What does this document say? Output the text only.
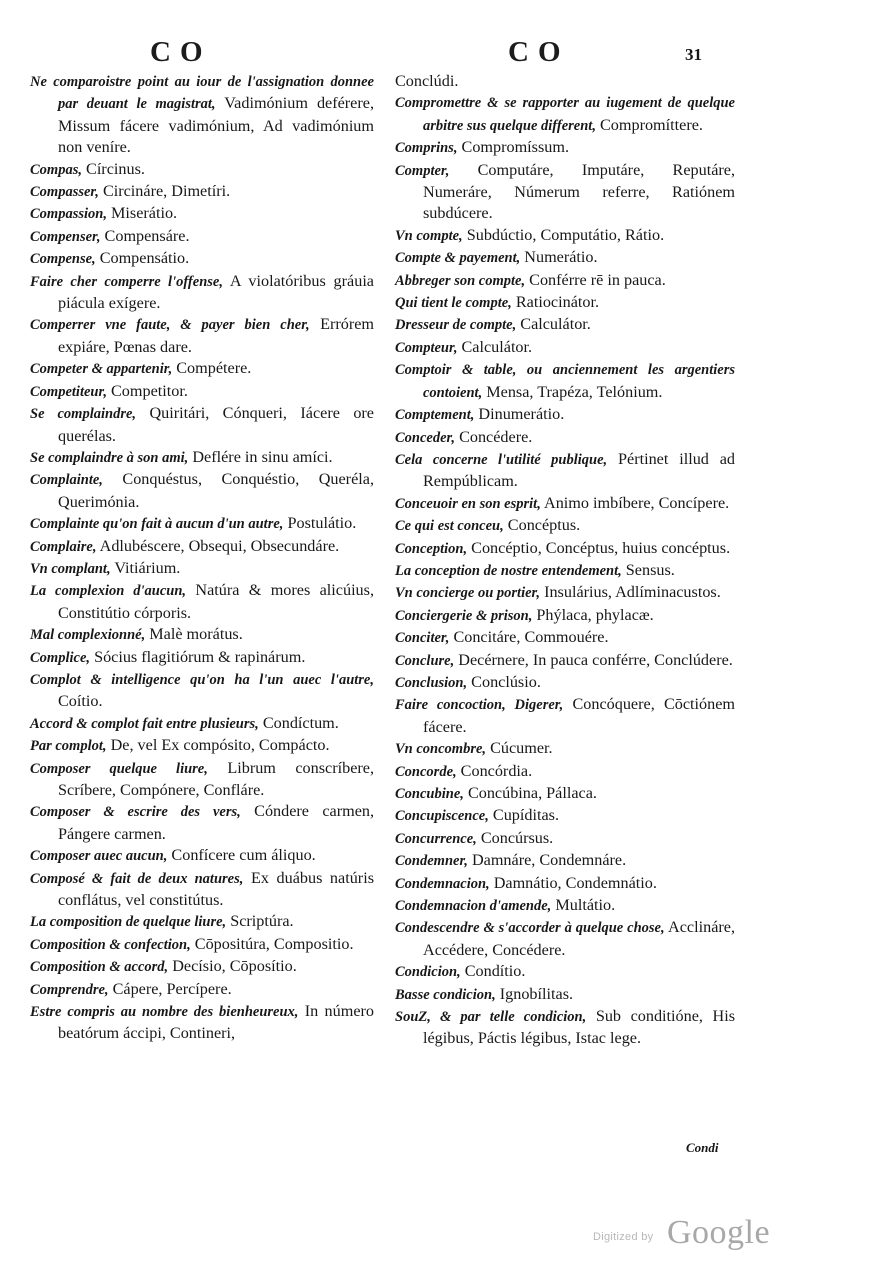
CO	CO	31

Ne comparoistre point au iour de l'assignation donnee par deuant le magistrat, Vadimónium deférere, Missum fácere vadimónium, Ad vadimónium non veníre.

Compas, Círcinus.

Compasser, Circináre, Dimetíri.

Compassion, Miserátio.

Compenser, Compensáre.

Compense, Compensátio.

Faire cher comperre l'offense, A violatóribus gráuia piácula exígere.

Comperrer vne faute, & payer bien cher, Errórem expiáre, Pœnas dare.

Competer & appartenir, Compétere.

Competiteur, Competitor.

Se complaindre, Quiritári, Cónqueri, Iácere ore querélas.

Se complaindre à son ami, Deflére in sinu amíci.

Complainte, Conquéstus, Conquéstio, Queréla, Querimónia.

Complainte qu'on fait à aucun d'un autre, Postulátio.

Complaire, Adlubéscere, Obsequi, Obsecundáre.

Vn complant, Vitiárium.

La complexion d'aucun, Natúra & mores alicúius, Constitútio córporis.

Mal complexionné, Malè morátus.

Complice, Sócius flagitiórum & rapinárum.

Complot & intelligence qu'on ha l'un auec l'autre, Coítio.

Accord & complot fait entre plusieurs, Condíctum.

Par complot, De, vel Ex compósito, Compácto.

Composer quelque liure, Librum conscríbere, Scríbere, Compónere, Confláre.

Composer & escrire des vers, Cóndere carmen, Pángere carmen.

Composer auec aucun, Confícere cum áliquo.

Composé & fait de deux natures, Ex duábus natúris conflátus, vel constitútus.

La composition de quelque liure, Scriptúra.

Composition & confection, Cōpositúra, Compositio.

Composition & accord, Decísio, Cōposítio.

Comprendre, Cápere, Percípere.

Estre compris au nombre des bienheureux, In número beatórum áccipi, Contineri,

Conclúdi.

Compromettre & se rapporter au iugement de quelque arbitre sus quelque different, Compromíttere.

Comprins, Compromíssum.

Compter, Computáre, Imputáre, Reputáre, Numeráre, Númerum referre, Ratiónem subdúcere.

Vn compte, Subdúctio, Computátio, Rátio.

Compte & payement, Numerátio.

Abbreger son compte, Conférre rē in pauca.

Qui tient le compte, Ratiocinátor.

Dresseur de compte, Calculátor.

Compteur, Calculátor.

Comptoir & table, ou anciennement les argentiers contoient, Mensa, Trapéza, Telónium.

Comptement, Dinumerátio.

Conceder, Concédere.

Cela concerne l'utilité publique, Pértinet illud ad Rempúblicam.

Conceuoir en son esprit, Animo imbíbere, Concípere.

Ce qui est conceu, Concéptus.

Conception, Concéptio, Concéptus, huius concéptus.

La conception de nostre entendement, Sensus.

Vn concierge ou portier, Insulárius, Adlíminacustos.

Conciergerie & prison, Phýlaca, phylacæ.

Conciter, Concitáre, Commouére.

Conclure, Decérnere, In pauca conférre, Conclúdere.

Conclusion, Conclúsio.

Faire concoction, Digerer, Concóquere, Cōctiónem fácere.

Vn concombre, Cúcumer.

Concorde, Concórdia.

Concubine, Concúbina, Pállaca.

Concupiscence, Cupíditas.

Concurrence, Concúrsus.

Condemner, Damnáre, Condemnáre.

Condemnacion, Damnátio, Condemnátio.

Condemnacion d'amende, Multátio.

Condescendre & s'accorder à quelque chose, Acclináre, Accédere, Concédere.

Condicion, Condítio.

Basse condicion, Ignobílitas.

SouZ, & par telle condicion, Sub conditióne, His légibus, Páctis légibus, Istac lege.

Condi
Digitized by Google
